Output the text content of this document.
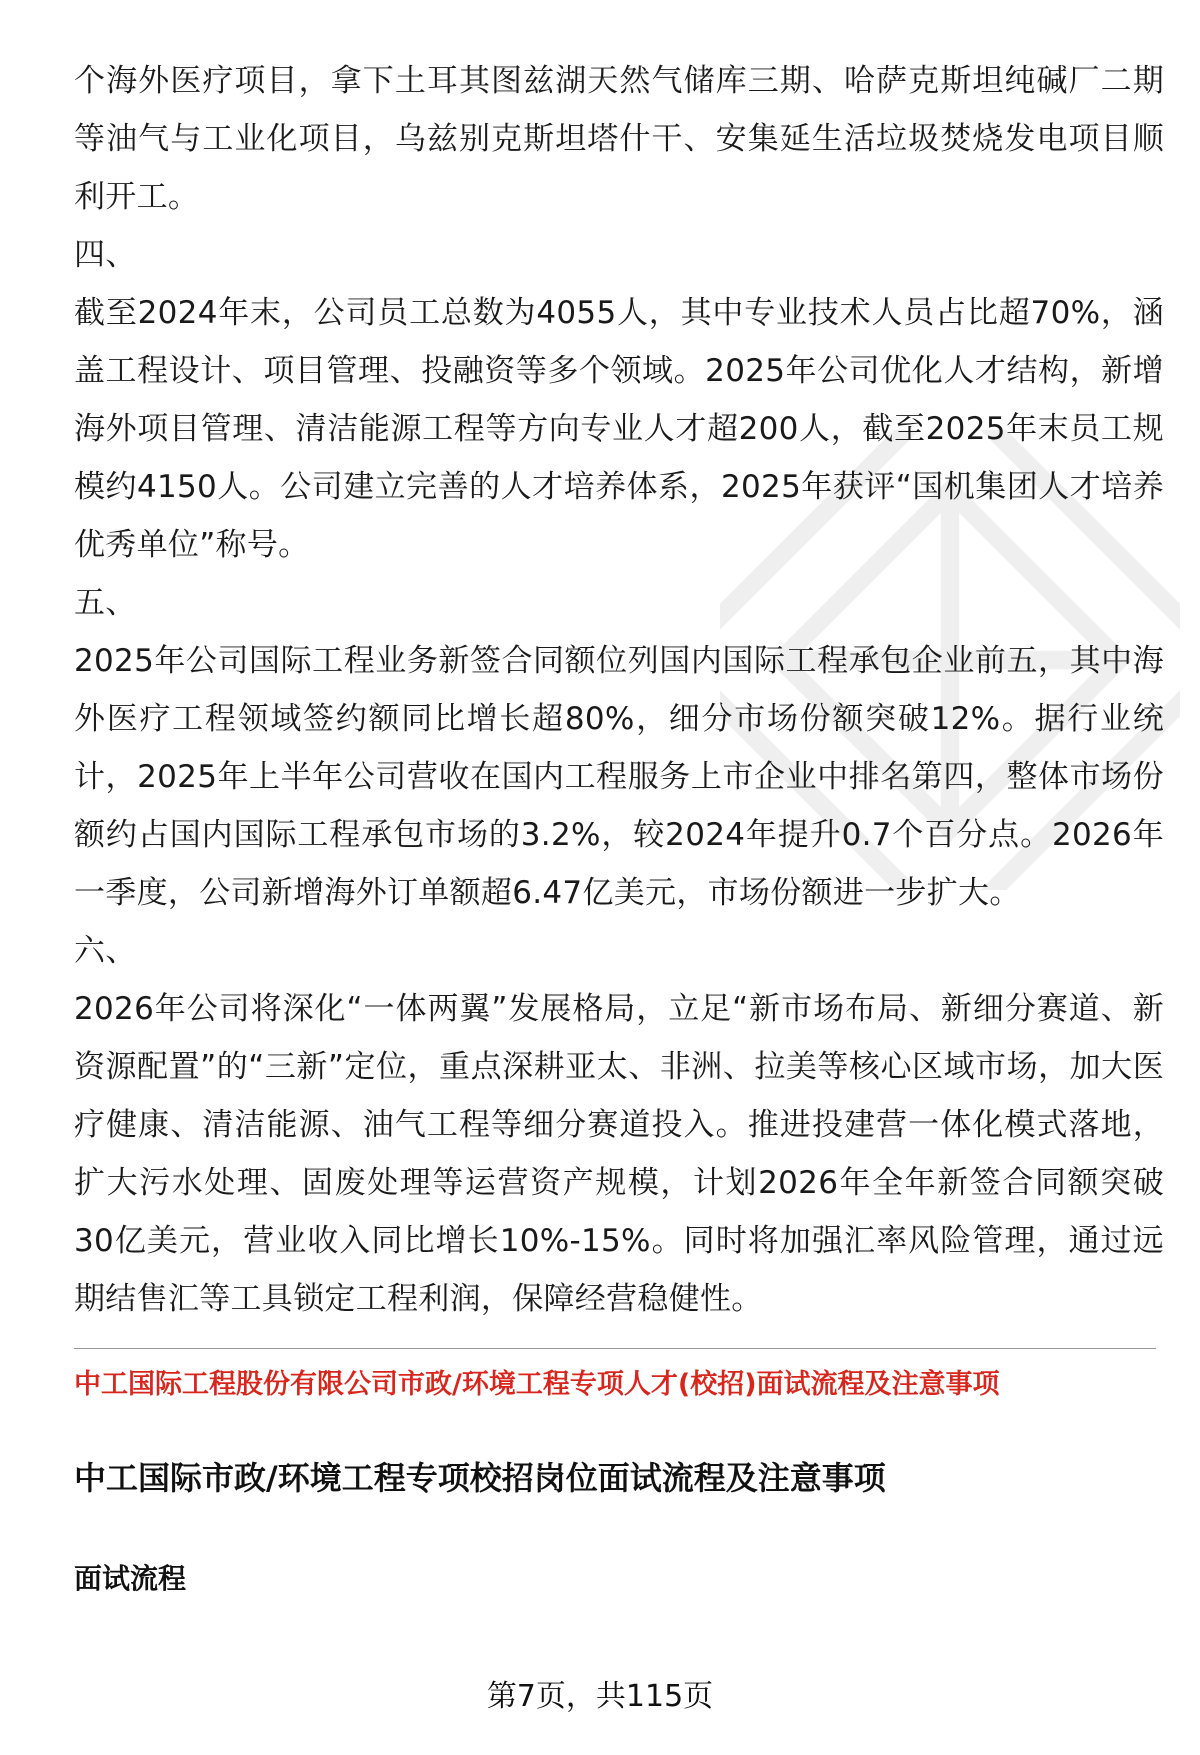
个海外医疗项目，拿下土耳其图兹湖天然气储库三期、哈萨克斯坦纯碱厂二期等油气与工业化项目，乌兹别克斯坦塔什干、安集延生活垃圾焚烧发电项目顺利开工。

四、

截至2024年末，公司员工总数为4055人，其中专业技术人员占比超70%，涵盖工程设计、项目管理、投融资等多个领域。2025年公司优化人才结构，新增海外项目管理、清洁能源工程等方向专业人才超200人，截至2025年末员工规模约4150人。公司建立完善的人才培养体系，2025年获评“国机集团人才培养优秀单位”称号。

五、

2025年公司国际工程业务新签合同额位列国内国际工程承包企业前五，其中海外医疗工程领域签约额同比增长超80%，细分市场份额突破12%。据行业统计，2025年上半年公司营收在国内工程服务上市企业中排名第四，整体市场份额约占国内国际工程承包市场的3.2%，较2024年提升0.7个百分点。2026年一季度，公司新增海外订单额超6.47亿美元，市场份额进一步扩大。

六、

2026年公司将深化“一体两翼”发展格局，立足“新市场布局、新细分赛道、新资源配置”的“三新”定位，重点深耕亚太、非洲、拉美等核心区域市场，加大医疗健康、清洁能源、油气工程等细分赛道投入。推进投建营一体化模式落地，扩大污水处理、固废处理等运营资产规模，计划2026年全年新签合同额突破30亿美元，营业收入同比增长10%-15%。同时将加强汇率风险管理，通过远期结售汇等工具锁定工程利润，保障经营稳健性。

中工国际工程股份有限公司市政/环境工程专项人才(校招)面试流程及注意事项
中工国际市政/环境工程专项校招岗位面试流程及注意事项
面试流程
第7页，共115页
